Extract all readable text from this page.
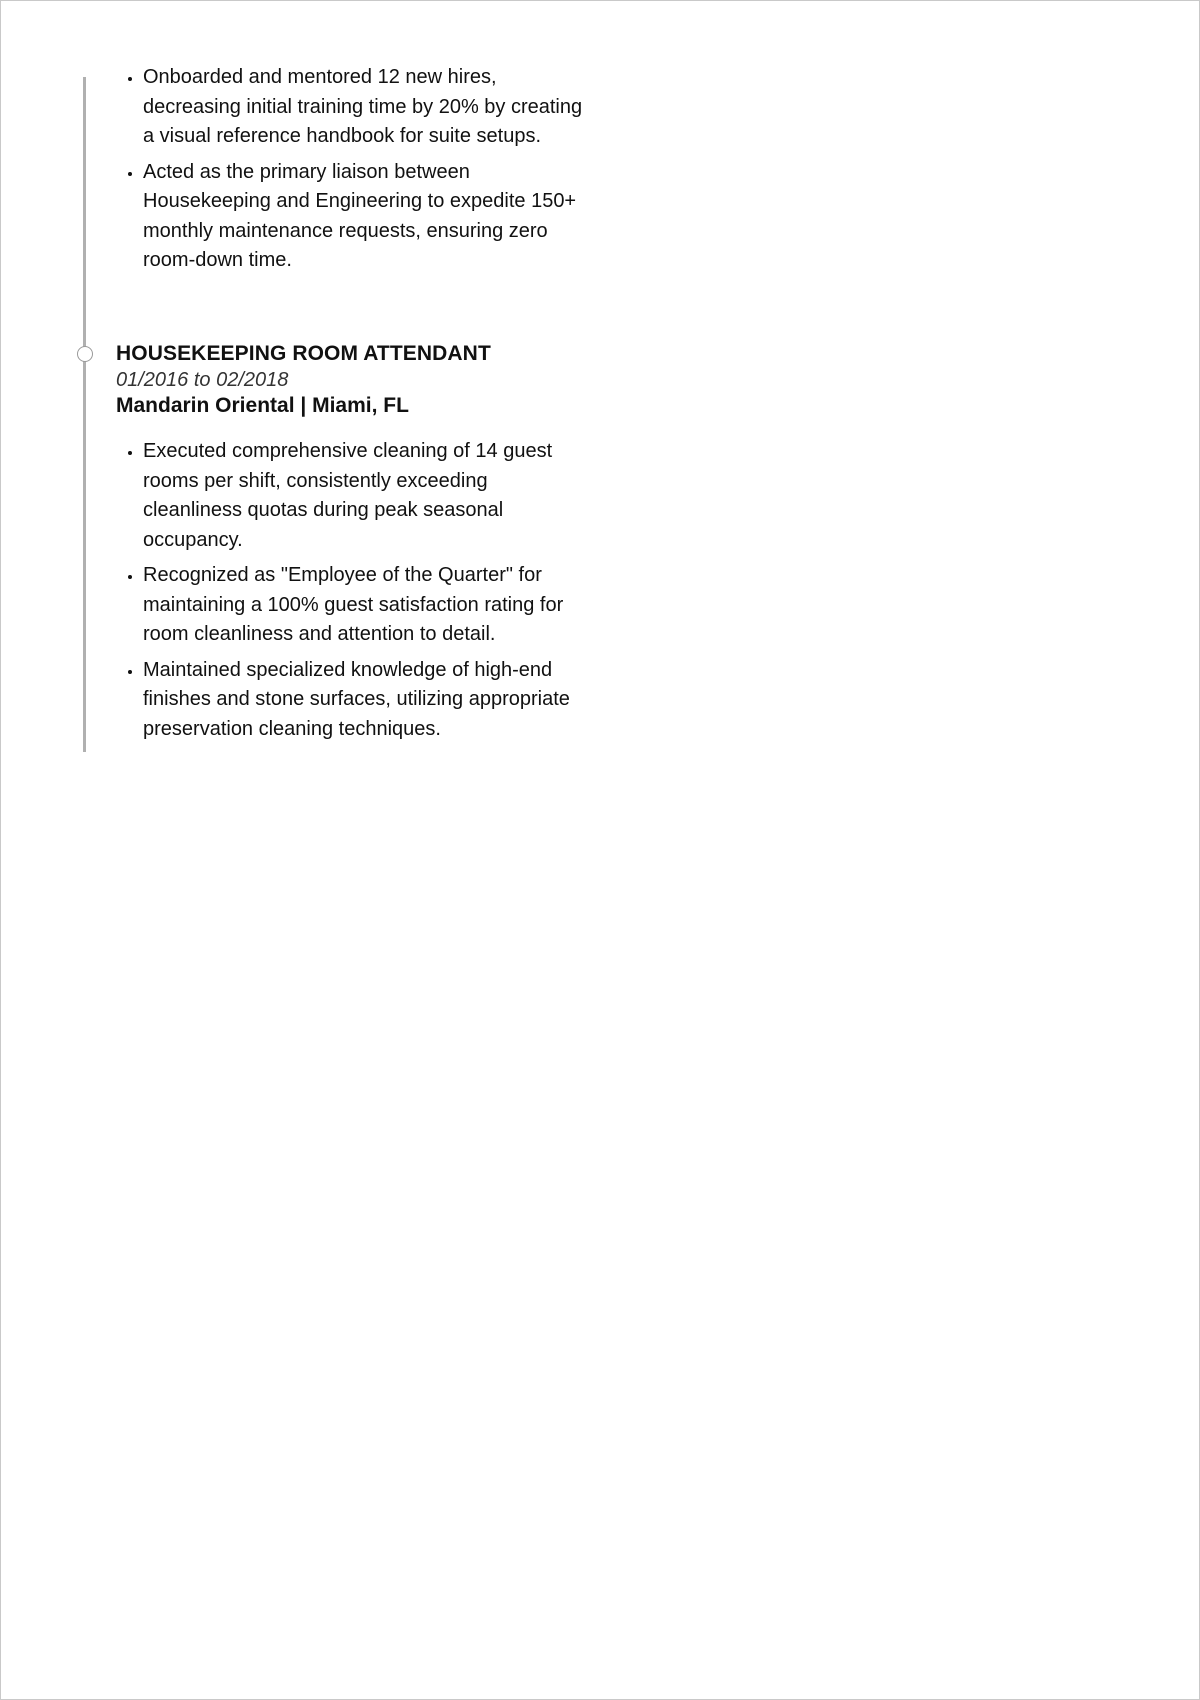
• Onboarded and mentored 12 new hires, decreasing initial training time by 20% by creating a visual reference handbook for suite setups.
• Acted as the primary liaison between Housekeeping and Engineering to expedite 150+ monthly maintenance requests, ensuring zero room-down time.
HOUSEKEEPING ROOM ATTENDANT
01/2016 to 02/2018
Mandarin Oriental | Miami, FL
• Executed comprehensive cleaning of 14 guest rooms per shift, consistently exceeding cleanliness quotas during peak seasonal occupancy.
• Recognized as "Employee of the Quarter" for maintaining a 100% guest satisfaction rating for room cleanliness and attention to detail.
• Maintained specialized knowledge of high-end finishes and stone surfaces, utilizing appropriate preservation cleaning techniques.
